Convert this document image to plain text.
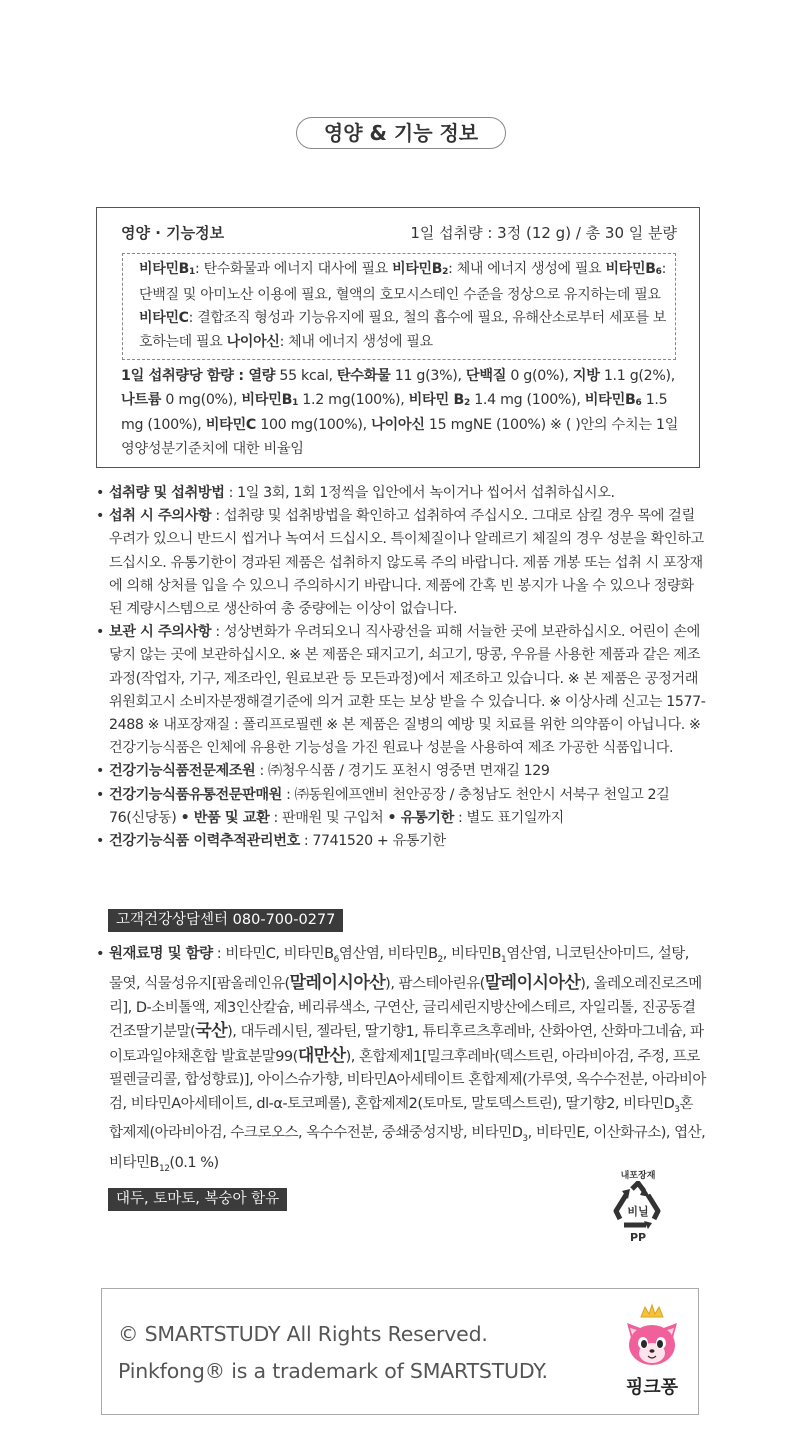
영양 & 기능 정보
영양 · 기능정보	1일 섭취량 : 3정 (12 g) / 총 30 일 분량
비타민$B_1$: 탄수화물과 에너지 대사에 필요 비타민$B_2$: 체내 에너지 생성에 필요 비타민$B_6$: 단백질 및 아미노산 이용에 필요, 혈액의 호모시스테인 수준을 정상으로 유지하는데 필요 비타민C: 결합조직 형성과 기능유지에 필요, 철의 흡수에 필요, 유해산소로부터 세포를 보호하는데 필요 나이아신: 체내 에너지 생성에 필요
1일 섭취량당 함량 : 열량 55 kcal, 탄수화물 11 g(3%), 단백질 0 g(0%), 지방 1.1 g(2%), 나트륨 0 mg(0%), 비타민$B_1$ 1.2 mg(100%), 비타민 $B_2$ 1.4 mg (100%), 비타민$B_6$ 1.5 mg (100%), 비타민C 100 mg(100%), 나이아신 15 mgNE (100%) ※ ( )안의 수치는 1일 영양성분기준치에 대한 비율임
• 섭취량 및 섭취방법 : 1일 3회, 1회 1정씩을 입안에서 녹이거나 씹어서 섭취하십시오.
• 섭취 시 주의사항 : 섭취량 및 섭취방법을 확인하고 섭취하여 주십시오. 그대로 삼킬 경우 목에 걸릴 우려가 있으니 반드시 씹거나 녹여서 드십시오. 특이체질이나 알레르기 체질의 경우 성분을 확인하고 드십시오. 유통기한이 경과된 제품은 섭취하지 않도록 주의 바랍니다. 제품 개봉 또는 섭취 시 포장재에 의해 상처를 입을 수 있으니 주의하시기 바랍니다. 제품에 간혹 빈 봉지가 나올 수 있으나 정량화된 계량시스템으로 생산하여 총 중량에는 이상이 없습니다.
• 보관 시 주의사항 : 성상변화가 우려되오니 직사광선을 피해 서늘한 곳에 보관하십시오. 어린이 손에 닿지 않는 곳에 보관하십시오. ※ 본 제품은 돼지고기, 쇠고기, 땅콩, 우유를 사용한 제품과 같은 제조과정(작업자, 기구, 제조라인, 원료보관 등 모든과정)에서 제조하고 있습니다. ※ 본 제품은 공정거래위원회고시 소비자분쟁해결기준에 의거 교환 또는 보상 받을 수 있습니다. ※ 이상사례 신고는 1577-2488 ※ 내포장재질 : 폴리프로필렌 ※ 본 제품은 질병의 예방 및 치료를 위한 의약품이 아닙니다. ※ 건강기능식품은 인체에 유용한 기능성을 가진 원료나 성분을 사용하여 제조 가공한 식품입니다.
• 건강기능식품전문제조원 : ㈜청우식품 / 경기도 포천시 영중면 면재길 129
• 건강기능식품유통전문판매원 : ㈜동원에프앤비 천안공장 / 충청남도 천안시 서북구 천일고 2길 76(신당동) • 반품 및 교환 : 판매원 및 구입처 • 유통기한 : 별도 표기일까지
• 건강기능식품 이력추적관리번호 : 7741520 + 유통기한
고객건강상담센터 080-700-0277
• 원재료명 및 함량 : 비타민C, 비타민$B_6$염산염, 비타민$B_2$, 비타민$B_1$염산염, 니코틴산아미드, 설탕, 물엿, 식물성유지[팜올레인유(말레이시아산), 팜스테아린유(말레이시아산), 올레오레진로즈메리], D-소비톨액, 제3인산칼슘, 베리류색소, 구연산, 글리세린지방산에스테르, 자일리톨, 진공동결건조딸기분말(국산), 대두레시틴, 젤라틴, 딸기향1, 튜티후르츠후레바, 산화아연, 산화마그네슘, 파이토과일야채혼합 발효분말99(대만산), 혼합제제1[밀크후레바(덱스트린, 아라비아검, 주정, 프로필렌글리콜, 합성향료)], 아이스슈가향, 비타민A아세테이트 혼합제제(가루엿, 옥수수전분, 아라비아검, 비타민A아세테이트, dl-α-토코페롤), 혼합제제2(토마토, 말토덱스트린), 딸기향2, 비타민$D_3$혼합제제(아라비아검, 수크로오스, 옥수수전분, 중쇄중성지방, 비타민$D_3$, 비타민E, 이산화규소), 엽산, 비타민$B_{12}(0.1$ %)
대두, 토마토, 복숭아 함유
내포장재
비닐
PP
© SMARTSTUDY All Rights Reserved.
Pinkfong® is a trademark of SMARTSTUDY.
핑크퐁
